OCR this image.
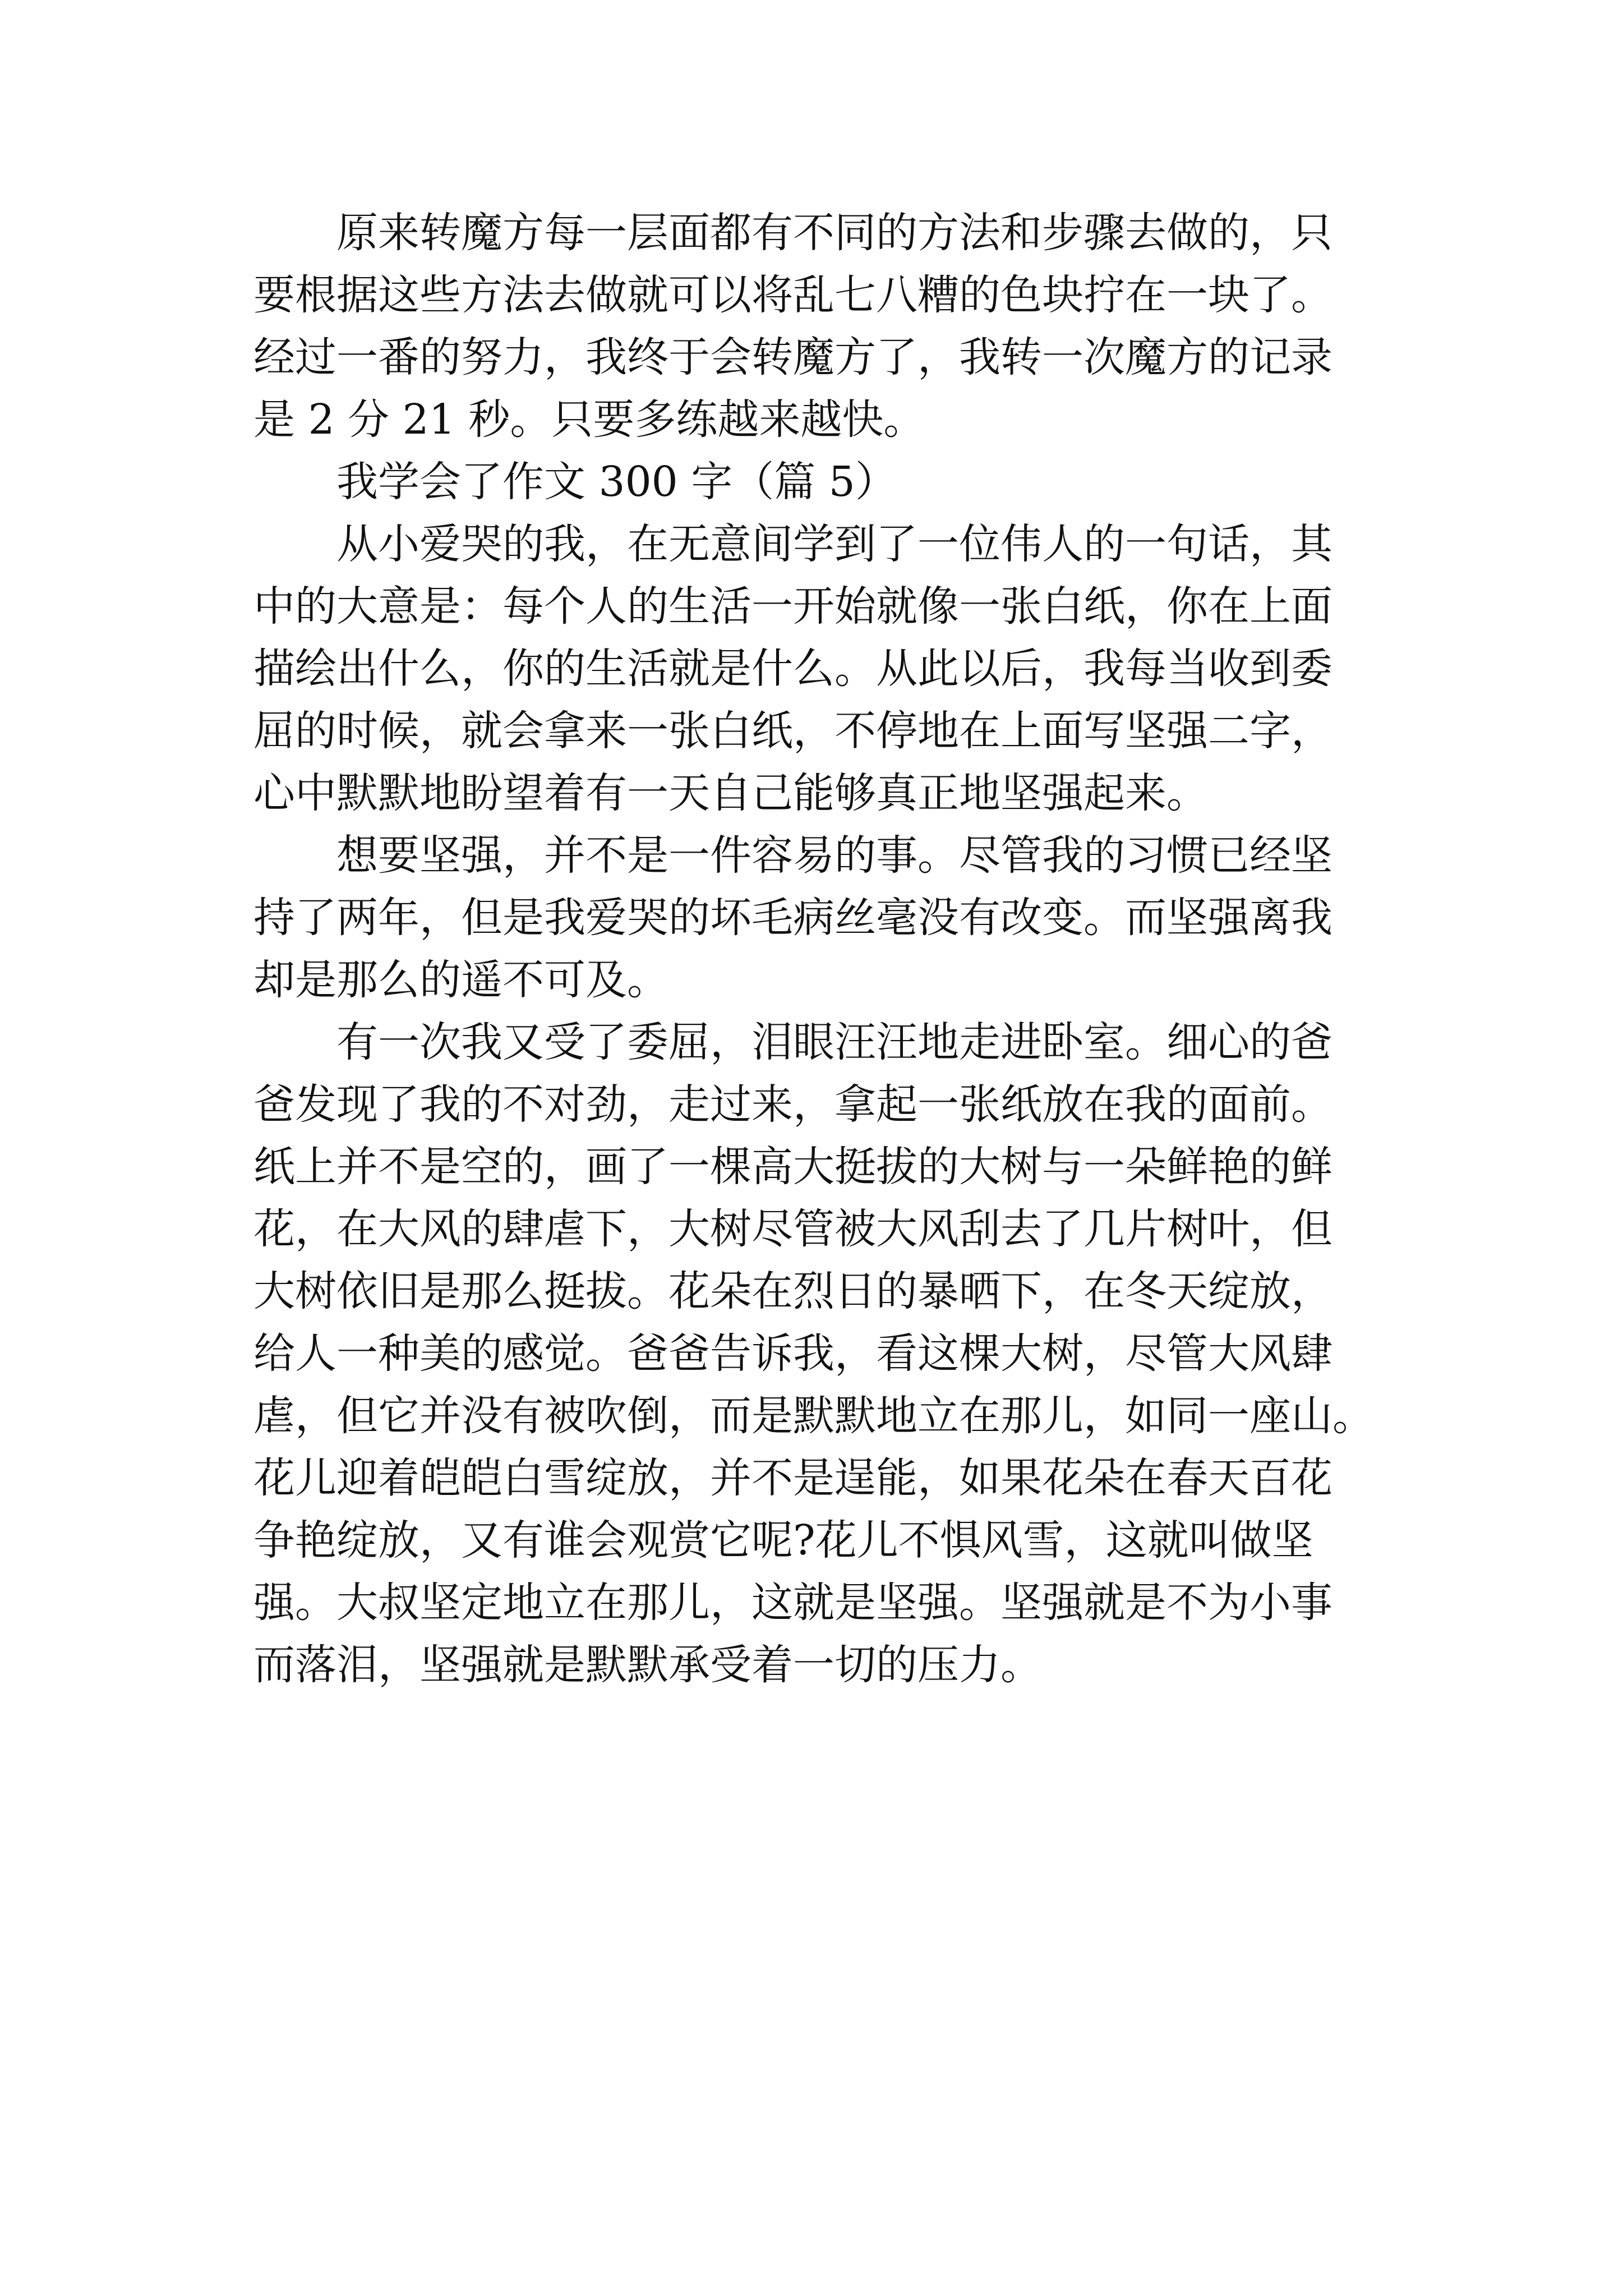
原来转魔方每一层面都有不同的方法和步骤去做的，只
要根据这些方法去做就可以将乱七八糟的色块拧在一块了。
经过一番的努力，我终于会转魔方了，我转一次魔方的记录
是 2 分 21 秒。只要多练越来越快。
我学会了作文 300 字（篇 5）
从小爱哭的我，在无意间学到了一位伟人的一句话，其
中的大意是：每个人的生活一开始就像一张白纸，你在上面
描绘出什么，你的生活就是什么。从此以后，我每当收到委
屈的时候，就会拿来一张白纸，不停地在上面写坚强二字，
心中默默地盼望着有一天自己能够真正地坚强起来。
想要坚强，并不是一件容易的事。尽管我的习惯已经坚
持了两年，但是我爱哭的坏毛病丝毫没有改变。而坚强离我
却是那么的遥不可及。
有一次我又受了委屈，泪眼汪汪地走进卧室。细心的爸
爸发现了我的不对劲，走过来，拿起一张纸放在我的面前。
纸上并不是空的，画了一棵高大挺拔的大树与一朵鲜艳的鲜
花，在大风的肆虐下，大树尽管被大风刮去了几片树叶，但
大树依旧是那么挺拔。花朵在烈日的暴晒下，在冬天绽放，
给人一种美的感觉。爸爸告诉我，看这棵大树，尽管大风肆
虐，但它并没有被吹倒，而是默默地立在那儿，如同一座山。
花儿迎着皑皑白雪绽放，并不是逞能，如果花朵在春天百花
争艳绽放，又有谁会观赏它呢?花儿不惧风雪，这就叫做坚
强。大叔坚定地立在那儿，这就是坚强。坚强就是不为小事
而落泪，坚强就是默默承受着一切的压力。
